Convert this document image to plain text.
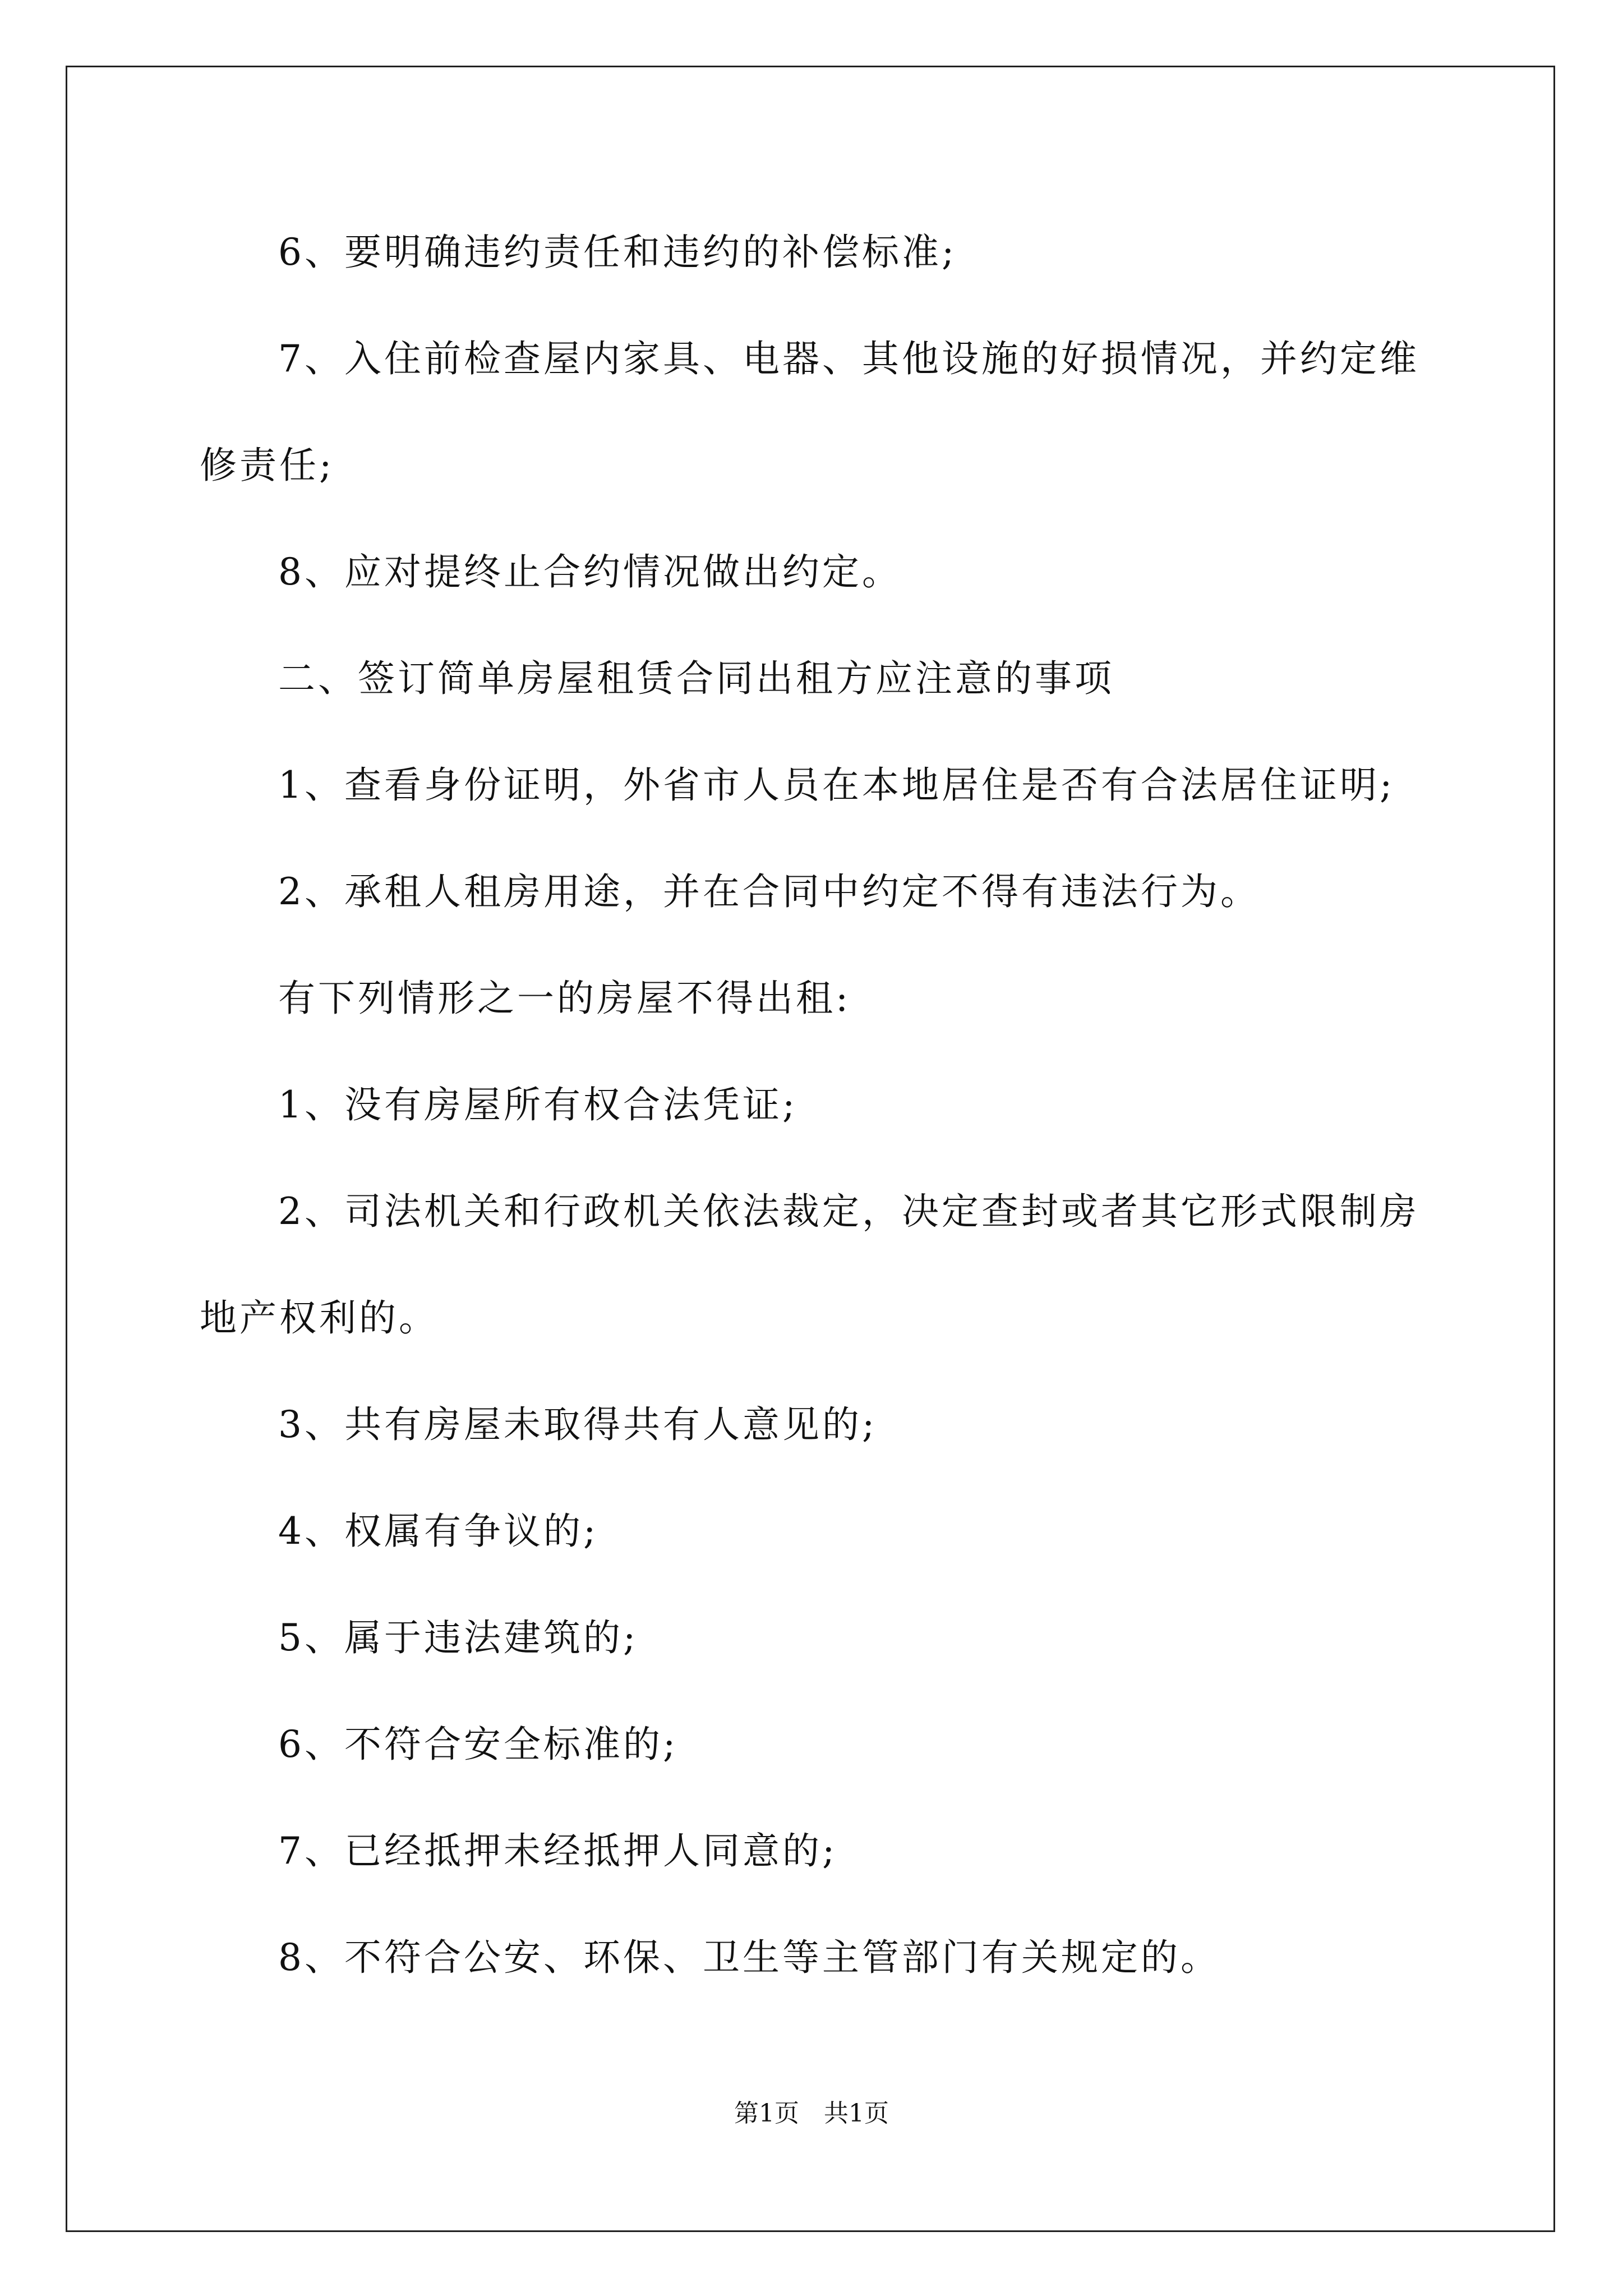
6、要明确违约责任和违约的补偿标准;
7、入住前检查屋内家具、电器、其他设施的好损情况，并约定维
修责任;
8、应对提终止合约情况做出约定。
二、签订简单房屋租赁合同出租方应注意的事项
1、查看身份证明，外省市人员在本地居住是否有合法居住证明;
2、承租人租房用途，并在合同中约定不得有违法行为。
有下列情形之一的房屋不得出租:
1、没有房屋所有权合法凭证;
2、司法机关和行政机关依法裁定，决定查封或者其它形式限制房
地产权利的。
3、共有房屋未取得共有人意见的;
4、权属有争议的;
5、属于违法建筑的;
6、不符合安全标准的;
7、已经抵押未经抵押人同意的;
8、不符合公安、环保、卫生等主管部门有关规定的。
第1页 共1页
